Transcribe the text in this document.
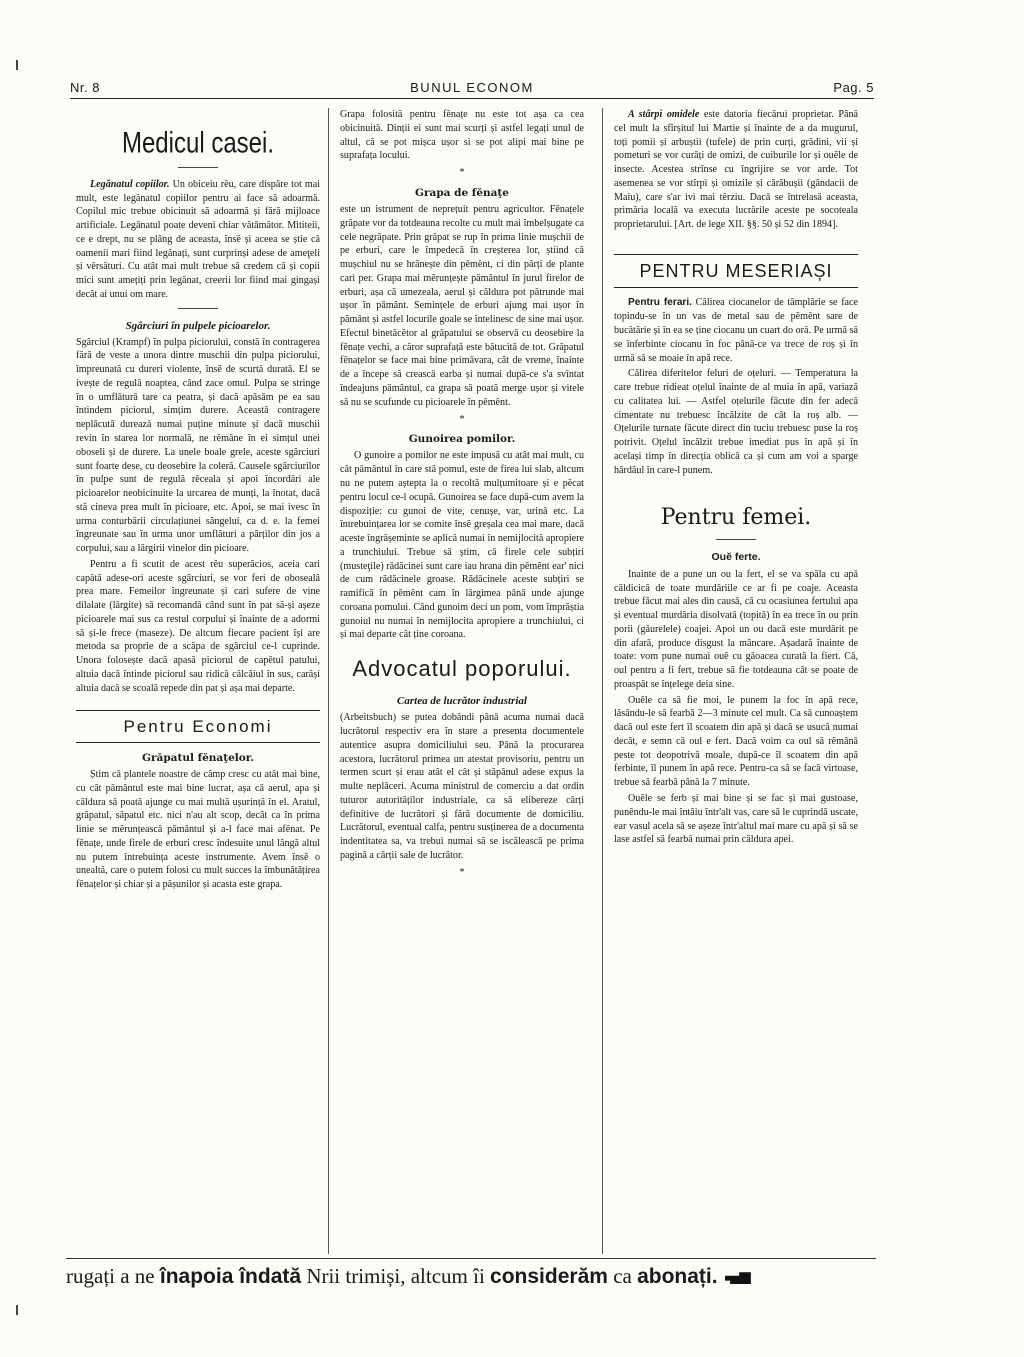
Nr. 8	BUNUL ECONOM	Pag. 5
Medicul casei.

Legănatul copiilor. Un obiceiu rĕu, care dispăre tot mai mult, este legănatul copiilor pentru ai face să adoarmă. Copilul mic trebue obicinuit să adoarmă și fără mijloace artificiale. Legănatul poate devenì chiar vătămător. Mititeii, ce e drept, nu se plâng de aceasta, însĕ și aceea se știe că oamenii mari fiind legănați, sunt curprinși adese de ameţeli și vĕrsături. Cu atât mai mult trebue să credem că și copii mici sunt amețiți prin legănat, creerii lor fiind mai gingași decât ai unui om mare.

Sgârciuri în pulpele picioarelor.

Sgârciul (Krampf) în pulpa piciorului, constă în contragerea fără de veste a unora dintre muschii din pulpa piciorului, împreunată cu dureri violente, însĕ de scurtă durată. El se ivește de regulă noaptea, când zace omul. Pulpa se stringe în o umflătură tare ca peatra, și dacă apăsăm pe ea sau întindem piciorul, simțim durere. Această contragere neplăcută durează numai puține minute și dacă muschii revin în starea lor normală, ne rĕmâne în ei simțul unei oboseli și de durere. La unele boale grele, aceste sgârciuri sunt foarte dese, cu deosebire la coleră. Causele sgârciurilor în pulpe sunt de regulă rĕceala și apoi încordări ale picioarelor neobicinuite la urcarea de munți, la înotat, dacă stă cineva prea mult în picioare, etc. Apoi, se mai ivesc în urma conturbării circulațiunei sângelui, ca d. e. la femei îngreunate sau în urma unor umflături a părților din jos a corpului, sau a lărgirii vinelor din picioare.

Pentru a fi scutit de acest rĕu superăcios, aceia cari capătă adese-ori aceste sgârciuri, se vor feri de obosealâ prea mare. Femeilor îngreunate și cari sufere de vine dilalate (lărgite) să recomandă când sunt în pat să-și așeze picioarele mai sus ca restul corpului și înainte de a adormi să și-le frece (maseze). De altcum fiecare pacient își are metoda sa proprie de a scăpa de sgârciul ce-l cuprinde. Unora folosește dacă apasă piciorul de capĕtul patului, altuia dacă întinde piciorul sau ridică călcâiul în sus, carăși altuia dacă se scoală repede din pat și așa mai departe.

Pentru Economi
Grăpatul fĕnaţelor.

Știm că plantele noastre de câmp cresc cu atât mai bine, cu cât pământul este mai bine lucrat, așa că aerul, apa și căldura să poată ajunge cu mai multă ușurință în el. Aratul, grăpatul, săpatul etc. nici n'au alt scop, decât ca în prima linie se mĕrunțească pământul și a-l face mai afĕnat. Pe fĕnațe, unde firele de erburi cresc îndesuite unul lângă altul nu putem întrebuința aceste instrumente. Avem însĕ o unealtă, care o putem folosì cu mult succes la îmbunătățirea fĕnațelor și chiar și a pășunilor și acasta este grapa.

Grapa folosită pentru fĕnațe nu este tot așa ca cea obicinuită. Dinții ei sunt mai scurți și astfel legați unul de altul, că se pot mișca ușor si se pot alipi mai bine pe suprafața locului.

*
Grapa de fĕnaţe

este un istrument de neprețuit pentru agricultor. Fĕnațele grăpate vor da totdeauna recolte cu mult mai îmbelșugate ca cele negrăpate. Prin grăpat se rup în prima linie mușchii de pe erburi, care le împedecă în creșterea lor, știind că mușchiul nu se hrănește din pĕmênt, ci din părți de plante cari per. Grapa mai mĕrunțește pământul în jurul firelor de erburi, așa că umezeala, aerul și căldura pot pătrunde mai ușor în pământ. Semințele de erburi ajung mai ușor în pământ și astfel locurile goale se întelinesc de sine mai ușor. Efectul binetăcĕtor al grăpatului se observă cu deosebire la fĕnațe vechi, a căror suprafață este bătucită de tot. Grăpatul fĕnațelor se face mai bine primăvara, cât de vreme, înainte de a începe să crească earba și numai după-ce s'a svîntat îndeajuns pământul, ca grapa să poată merge ușor și vitele să nu se scufunde cu picioarele în pĕmênt.

*
Gunoirea pomilor.

O gunoire a pomilor ne este impusă cu atât mai mult, cu cât pământul în care stă pomul, este de firea lui slab, altcum nu ne putem aștepta la o recoltă mulțumitoare și e pĕcat pentru locul ce-l ocupă. Gunoirea se face după-cum avem la dispoziție: cu gunoi de vite, cenușe, var, urină etc. La întrebuințarea lor se comite însĕ greșala cea mai mare, dacă aceste îngrășeminte se aplică numai în nemijlocită apropiere a trunchiului. Trebue să știm, că firele cele subțiri (musteţile) rădăcinei sunt care iau hrana din pĕmênt ear' nici de cum rădăcinele groase. Rădăcinele aceste subțiri se ramifică în pĕmênt cam în lărgimea până unde ajunge coroana pomului. Când gunoim deci un pom, vom împrăștia gunoiul nu numai în nemijlocita apropiere a trunchiului, ci și mai departe cât ține coroana.

Advocatul poporului.
Cartea de lucrător industrial

(Arbeitsbuch) se putea dobândì până acuma numai dacă lucrătorul respectiv era în stare a presenta documentele autentice asupra domiciliului seu. Până la procurarea acestora, lucrătorul primea un atestat provisoriu, pentru un termen scurt și erau atât el cât și stăpânul adese expus la multe neplăceri. Acuma ministrul de comerciu a dat ordin tuturor autorităților industriale, ca să elibereze cărți definitive de lucrători și fără documente de domiciliu. Lucrătorul, eventual calfa, pentru susținerea de a documenta indentitatea sa, va trebui numai să se iscălească pe prima pagină a cărții sale de lucrător.

*

A stârpì omidele este datoria fiecărui proprietar. Până cel mult la sfîrșitul lui Martie și înainte de a da mugurul, toți pomii și arbuștii (tufele) de prin curți, grădini, vii și pometuri se vor curăți de omizi, de cuiburile lor și ouĕle de insecte. Acestea strînse cu îngrijire se vor arde. Tot asemenea se vor stîrpì și omizile și cărăbușii (gândacii de Maiu), care s'ar ivì mai tĕrziu. Dacă se întrelasă aceasta, primăria locală va executa lucrările aceste pe socoteala proprietarului. [Art. de lege XII. §§. 50 și 52 din 1894].

PENTRU MESERIAȘI

Pentru ferari. Călirea ciocanelor de tâmplărie se face topindu-se în un vas de metal sau de pĕmênt sare de bucătărie și în ea se ține ciocanu un cuart do oră. Pe urmă să se înferbinte ciocanu în foc până-ce va trece de roș și în urmă să se moaie în apă rece.

Călirea diferitelor feluri de oțeluri. — Temperatura la care trebue ridieat oțelul înainte de al muia în apă, variază cu calitatea lui. — Astfel oțelurile făcute din fer adecă cimentate nu trebuesc încălzite de cât la roș alb. — Oțelurile turnate făcute direct din tuciu trebuesc puse la roș potrivit. Oțelul încălzit trebue imediat pus în apă și în același timp în direcția oblică ca și cum am voi a sparge hârdăul în care-l punem.

Pentru femei.
Ouĕ ferte.

Inainte de a pune un ou la fert, el se va spăla cu apă căldicică de toate murdăriile ce ar fi pe coaje. Aceasta trebue făcut mai ales din causă, că cu ocasiunea fertului apa și eventual murdăria disolvată (topită) în ea trece în ou prin porii (găurelele) coajei. Apoi un ou dacă este murdărit pe din afară, produce disgust la mâncare. Așadară înainte de toate: vom pune numai ouĕ cu găoacea curată la fiert. Că, oul pentru a fi fert, trebue să fie totdeauna cât se poate de proaspăt se înțelege deia sine.

Ouĕle ca să fie moi, le punem la foc în apă rece, lăsându-le să fearbă 2—3 minute cel mult. Ca să cunoaștem dacă oul este fert îl scoatem din apă și dacă se usucă numai decât, e semn că oul e fert. Dacă voim ca oul să rĕmână peste tot deopotrivă moale, după-ce îl scoatem din apă ferbinte, îl punem în apă rece. Pentru-ca să se facă virtoase, trebue să fearbă până la 7 minute.

Ouĕle se ferb și mai bine și se fac și mai gustoase, punêndu-le mai întâiu într'alt vas, care să le cuprindă uscate, ear vasul acela să se așeze într'altul mai mare cu apă și să se lase astfel să fearbă numai prin căldura apei.

rugați a ne înapoia îndată Nrii trimiși, altcum îi considerăm ca abonați.
